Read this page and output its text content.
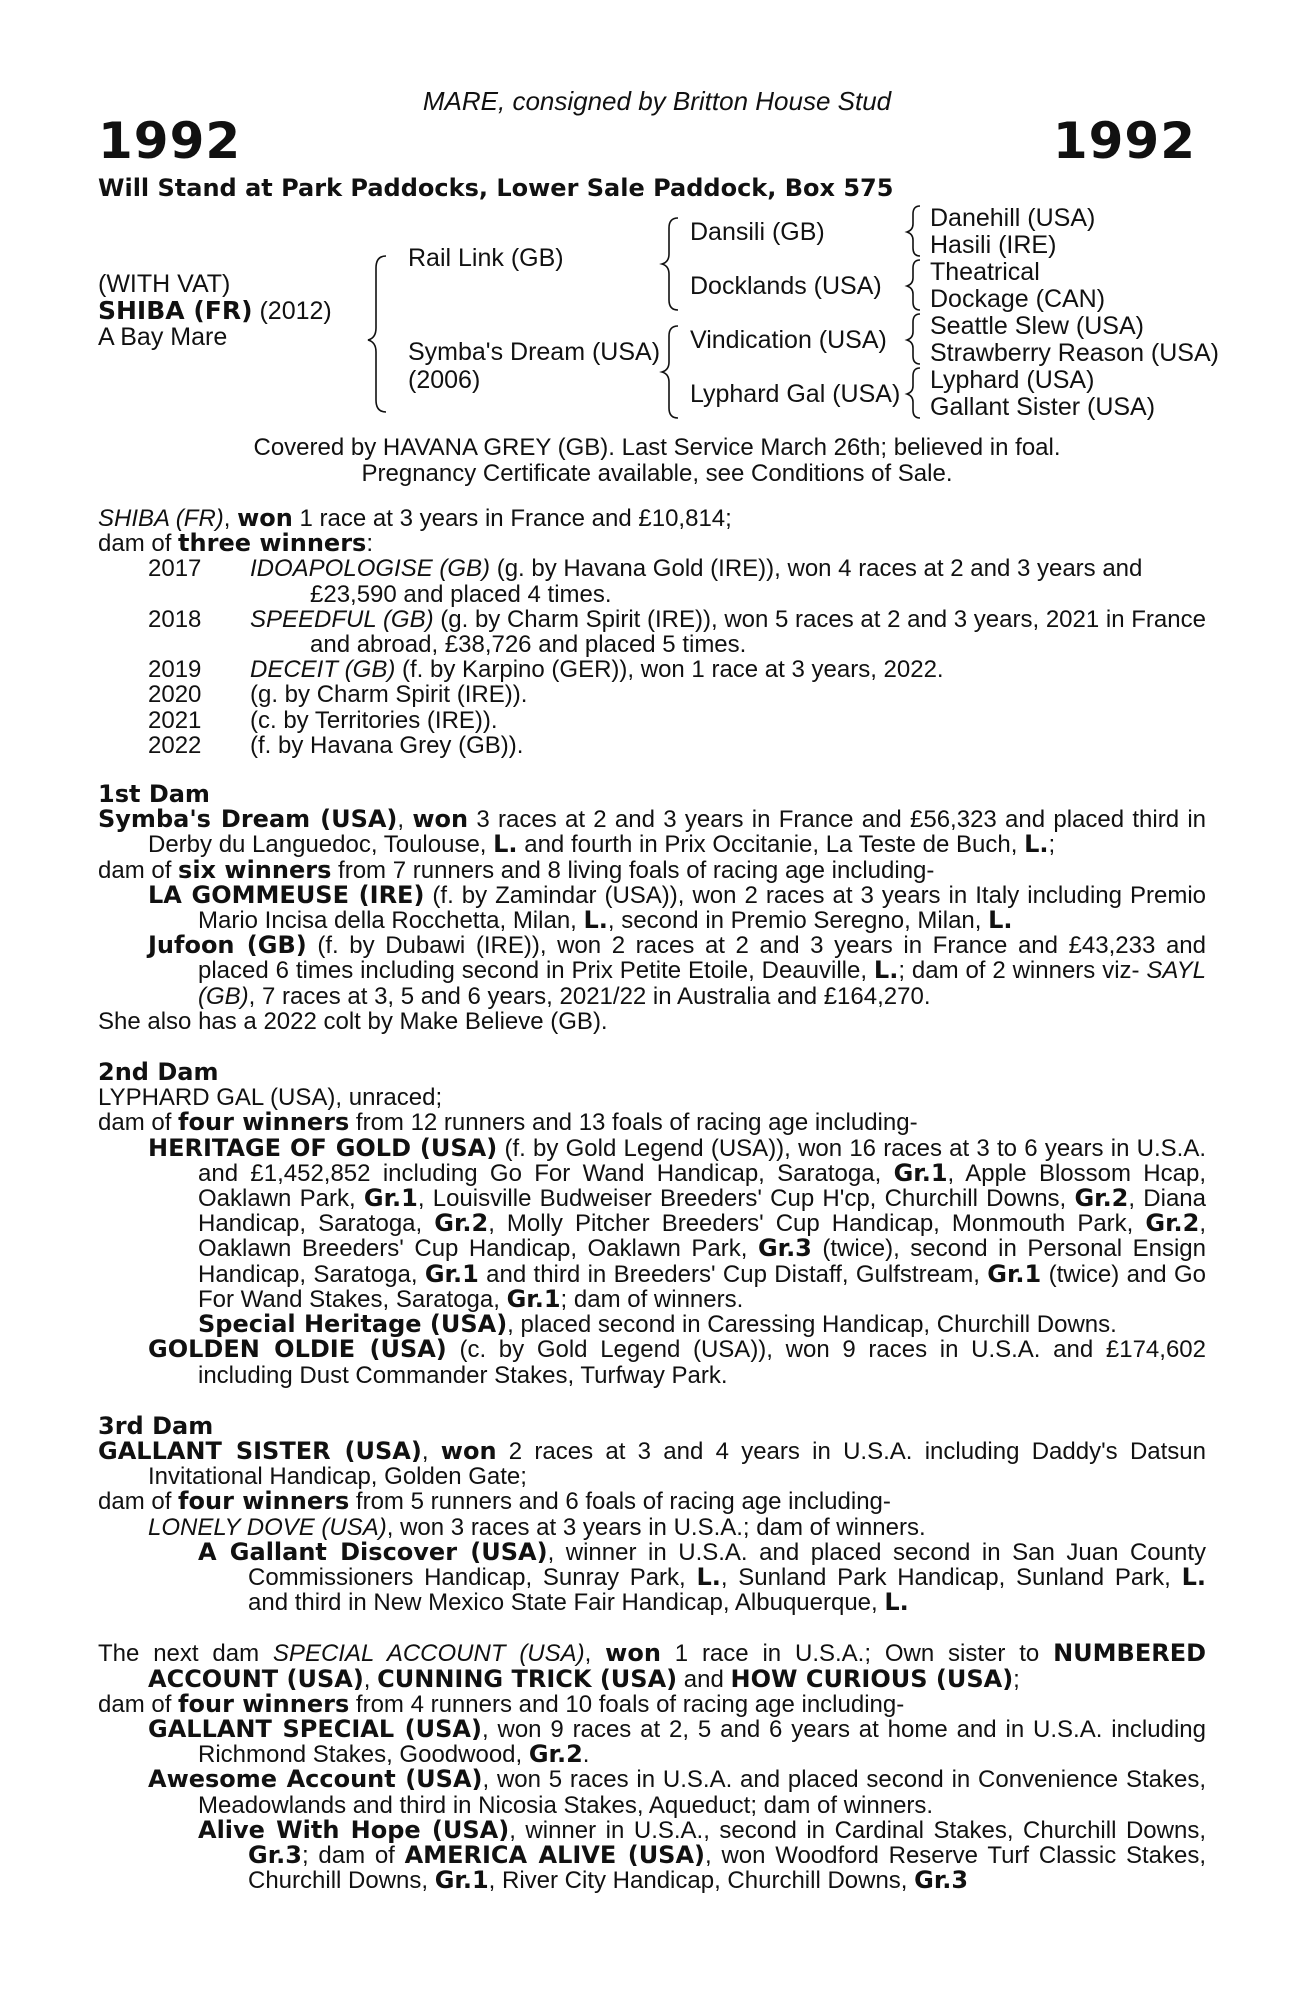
MARE, consigned by Britton House Stud
1992	1992
Will Stand at Park Paddocks, Lower Sale Paddock, Box 575
(WITH VAT)
SHIBA (FR) (2012)
A Bay Mare
Rail Link (GB)
Symba's Dream (USA)
(2006)
Dansili (GB)
Docklands (USA)
Vindication (USA)
Lyphard Gal (USA)
Danehill (USA)
Hasili (IRE)
Theatrical
Dockage (CAN)
Seattle Slew (USA)
Strawberry Reason (USA)
Lyphard (USA)
Gallant Sister (USA)
Covered by HAVANA GREY (GB). Last Service March 26th; believed in foal.
Pregnancy Certificate available, see Conditions of Sale.

SHIBA (FR), won 1 race at 3 years in France and £10,814;

dam of three winners:

2017 IDOAPOLOGISE (GB) (g. by Havana Gold (IRE)), won 4 races at 2 and 3 years and £23,590 and placed 4 times.

2018 SPEEDFUL (GB) (g. by Charm Spirit (IRE)), won 5 races at 2 and 3 years, 2021 in France and abroad, £38,726 and placed 5 times.

2019 DECEIT (GB) (f. by Karpino (GER)), won 1 race at 3 years, 2022.

2020 (g. by Charm Spirit (IRE)).

2021 (c. by Territories (IRE)).

2022 (f. by Havana Grey (GB)).

1st Dam

Symba's Dream (USA), won 3 races at 2 and 3 years in France and £56,323 and placed third in Derby du Languedoc, Toulouse, L. and fourth in Prix Occitanie, La Teste de Buch, L.;

dam of six winners from 7 runners and 8 living foals of racing age including-

LA GOMMEUSE (IRE) (f. by Zamindar (USA)), won 2 races at 3 years in Italy including Premio Mario Incisa della Rocchetta, Milan, L., second in Premio Seregno, Milan, L.

Jufoon (GB) (f. by Dubawi (IRE)), won 2 races at 2 and 3 years in France and £43,233 and placed 6 times including second in Prix Petite Etoile, Deauville, L.; dam of 2 winners viz- SAYL (GB), 7 races at 3, 5 and 6 years, 2021/22 in Australia and £164,270.

She also has a 2022 colt by Make Believe (GB).

2nd Dam

LYPHARD GAL (USA), unraced;

dam of four winners from 12 runners and 13 foals of racing age including-

HERITAGE OF GOLD (USA) (f. by Gold Legend (USA)), won 16 races at 3 to 6 years in U.S.A. and £1,452,852 including Go For Wand Handicap, Saratoga, Gr.1, Apple Blossom Hcap, Oaklawn Park, Gr.1, Louisville Budweiser Breeders' Cup H'cp, Churchill Downs, Gr.2, Diana Handicap, Saratoga, Gr.2, Molly Pitcher Breeders' Cup Handicap, Monmouth Park, Gr.2, Oaklawn Breeders' Cup Handicap, Oaklawn Park, Gr.3 (twice), second in Personal Ensign Handicap, Saratoga, Gr.1 and third in Breeders' Cup Distaff, Gulfstream, Gr.1 (twice) and Go For Wand Stakes, Saratoga, Gr.1; dam of winners.

Special Heritage (USA), placed second in Caressing Handicap, Churchill Downs.

GOLDEN OLDIE (USA) (c. by Gold Legend (USA)), won 9 races in U.S.A. and £174,602 including Dust Commander Stakes, Turfway Park.

3rd Dam

GALLANT SISTER (USA), won 2 races at 3 and 4 years in U.S.A. including Daddy's Datsun Invitational Handicap, Golden Gate;

dam of four winners from 5 runners and 6 foals of racing age including-

LONELY DOVE (USA), won 3 races at 3 years in U.S.A.; dam of winners.

A Gallant Discover (USA), winner in U.S.A. and placed second in San Juan County Commissioners Handicap, Sunray Park, L., Sunland Park Handicap, Sunland Park, L. and third in New Mexico State Fair Handicap, Albuquerque, L.

The next dam SPECIAL ACCOUNT (USA), won 1 race in U.S.A.; Own sister to NUMBERED ACCOUNT (USA), CUNNING TRICK (USA) and HOW CURIOUS (USA);

dam of four winners from 4 runners and 10 foals of racing age including-

GALLANT SPECIAL (USA), won 9 races at 2, 5 and 6 years at home and in U.S.A. including Richmond Stakes, Goodwood, Gr.2.

Awesome Account (USA), won 5 races in U.S.A. and placed second in Convenience Stakes, Meadowlands and third in Nicosia Stakes, Aqueduct; dam of winners.

Alive With Hope (USA), winner in U.S.A., second in Cardinal Stakes, Churchill Downs, Gr.3; dam of AMERICA ALIVE (USA), won Woodford Reserve Turf Classic Stakes, Churchill Downs, Gr.1, River City Handicap, Churchill Downs, Gr.3
